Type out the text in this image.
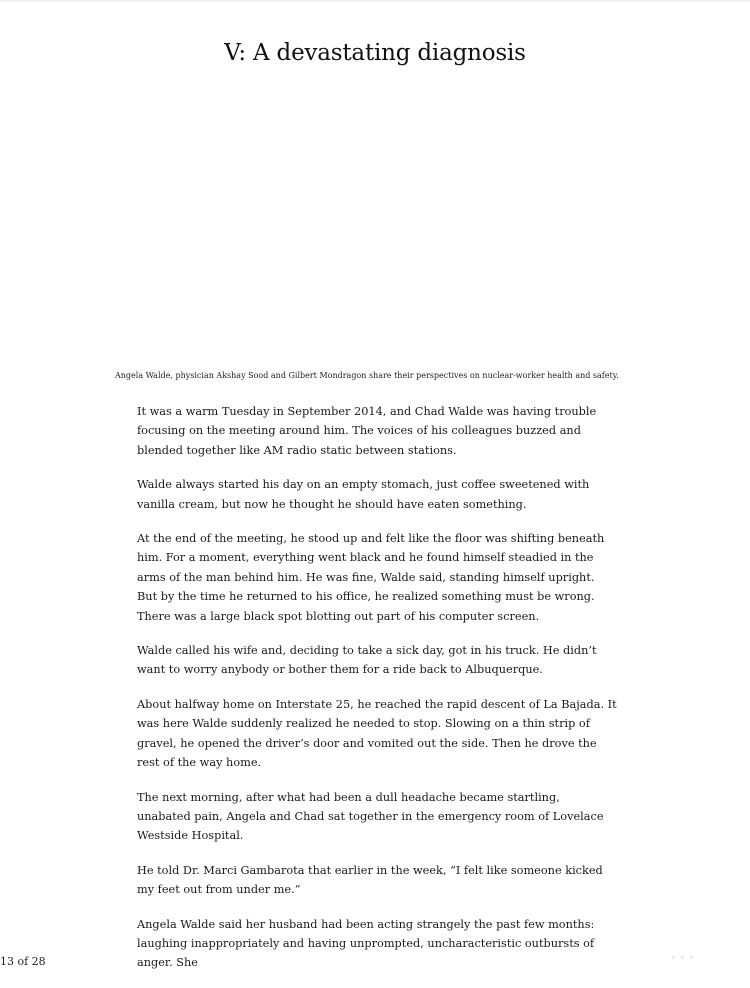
V: A devastating diagnosis
Angela Walde, physician Akshay Sood and Gilbert Mondragon share their perspectives on nuclear-worker health and safety.

It was a warm Tuesday in September 2014, and Chad Walde was having trouble focusing on the meeting around him. The voices of his colleagues buzzed and blended together like AM radio static between stations.

Walde always started his day on an empty stomach, just coffee sweetened with vanilla cream, but now he thought he should have eaten something.

At the end of the meeting, he stood up and felt like the floor was shifting beneath him. For a moment, everything went black and he found himself steadied in the arms of the man behind him. He was fine, Walde said, standing himself upright. But by the time he returned to his office, he realized something must be wrong. There was a large black spot blotting out part of his computer screen.

Walde called his wife and, deciding to take a sick day, got in his truck. He didn’t want to worry anybody or bother them for a ride back to Albuquerque.

About halfway home on Interstate 25, he reached the rapid descent of La Bajada. It was here Walde suddenly realized he needed to stop. Slowing on a thin strip of gravel, he opened the driver’s door and vomited out the side. Then he drove the rest of the way home.

The next morning, after what had been a dull headache became startling, unabated pain, Angela and Chad sat together in the emergency room of Lovelace Westside Hospital.

He told Dr. Marci Gambarota that earlier in the week, “I felt like someone kicked my feet out from under me.”

Angela Walde said her husband had been acting strangely the past few months: laughing inappropriately and having unprompted, uncharacteristic outbursts of anger. She

13 of 28
